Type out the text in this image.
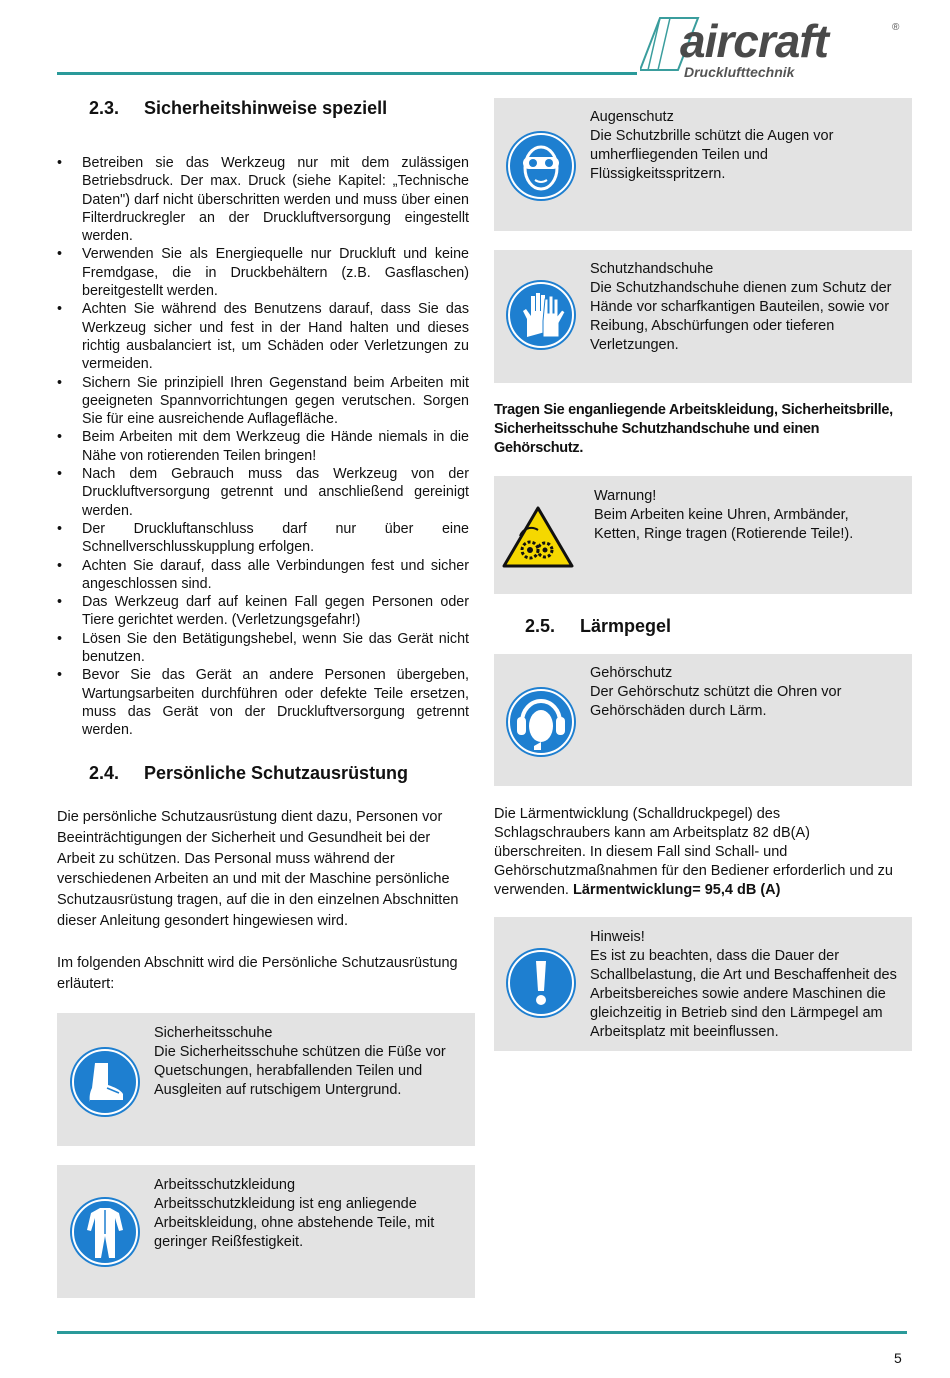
aircraft	®
Drucklufttechnik
2.3. Sicherheitshinweise speziell
• Betreiben sie das Werkzeug nur mit dem zulässigen Betriebsdruck. Der max. Druck (siehe Kapitel: „Technische Daten") darf nicht überschritten werden und muss über einen Filterdruckregler an der Druckluftversorgung eingestellt werden.
• Verwenden Sie als Energiequelle nur Druckluft und keine Fremdgase, die in Druckbehältern (z.B. Gasflaschen) bereitgestellt werden.
• Achten Sie während des Benutzens darauf, dass Sie das Werkzeug sicher und fest in der Hand halten und dieses richtig ausbalanciert ist, um Schäden oder Verletzungen zu vermeiden.
• Sichern Sie prinzipiell Ihren Gegenstand beim Arbeiten mit geeigneten Spannvorrichtungen gegen verutschen. Sorgen Sie für eine ausreichende Auflagefläche.
• Beim Arbeiten mit dem Werkzeug die Hände niemals in die Nähe von rotierenden Teilen bringen!
• Nach dem Gebrauch muss das Werkzeug von der Druckluftversorgung getrennt und anschließend gereinigt werden.
• Der Druckluftanschluss darf nur über eine Schnellverschlusskupplung erfolgen.
• Achten Sie darauf, dass alle Verbindungen fest und sicher angeschlossen sind.
• Das Werkzeug darf auf keinen Fall gegen Personen oder Tiere gerichtet werden. (Verletzungsgefahr!)
• Lösen Sie den Betätigungshebel, wenn Sie das Gerät nicht benutzen.
• Bevor Sie das Gerät an andere Personen übergeben, Wartungsarbeiten durchführen oder defekte Teile ersetzen, muss das Gerät von der Druckluftversorgung getrennt werden.
2.4. Persönliche Schutzausrüstung

Die persönliche Schutzausrüstung dient dazu, Personen vor Beeinträchtigungen der Sicherheit und Gesundheit bei der Arbeit zu schützen. Das Personal muss während der verschiedenen Arbeiten an und mit der Maschine persönliche Schutzausrüstung tragen, auf die in den einzelnen Abschnitten dieser Anleitung gesondert hingewiesen wird.

Im folgenden Abschnitt wird die Persönliche Schutzausrüstung erläutert:

Sicherheitsschuhe
Die Sicherheitsschuhe schützen die Füße vor Quetschungen, herabfallenden Teilen und Ausgleiten auf rutschigem Untergrund.
Arbeitsschutzkleidung
Arbeitsschutzkleidung ist eng anliegende Arbeitskleidung, ohne abstehende Teile, mit geringer Reißfestigkeit.
Augenschutz
Die Schutzbrille schützt die Augen vor umherfliegenden Teilen und Flüssigkeitsspritzern.
Schutzhandschuhe
Die Schutzhandschuhe dienen zum Schutz der Hände vor scharfkantigen Bauteilen, sowie vor Reibung, Abschürfungen oder tieferen Verletzungen.

Tragen Sie enganliegende Arbeitskleidung, Sicherheitsbrille, Sicherheitsschuhe Schutzhandschuhe und einen Gehörschutz.

Warnung!
Beim Arbeiten keine Uhren, Armbänder, Ketten, Ringe tragen (Rotierende Teile!).
2.5. Lärmpegel
Gehörschutz
Der Gehörschutz schützt die Ohren vor Gehörschäden durch Lärm.

Die Lärmentwicklung (Schalldruckpegel) des Schlagschraubers kann am Arbeitsplatz 82 dB(A) überschreiten. In diesem Fall sind Schall- und Gehörschutzmaßnahmen für den Bediener erforderlich und zu verwenden. Lärmentwicklung= 95,4 dB (A)

Hinweis!
Es ist zu beachten, dass die Dauer der Schallbelastung, die Art und Beschaffenheit des Arbeitsbereiches sowie andere Maschinen die gleichzeitig in Betrieb sind den Lärmpegel am Arbeitsplatz mit beeinflussen.
5
